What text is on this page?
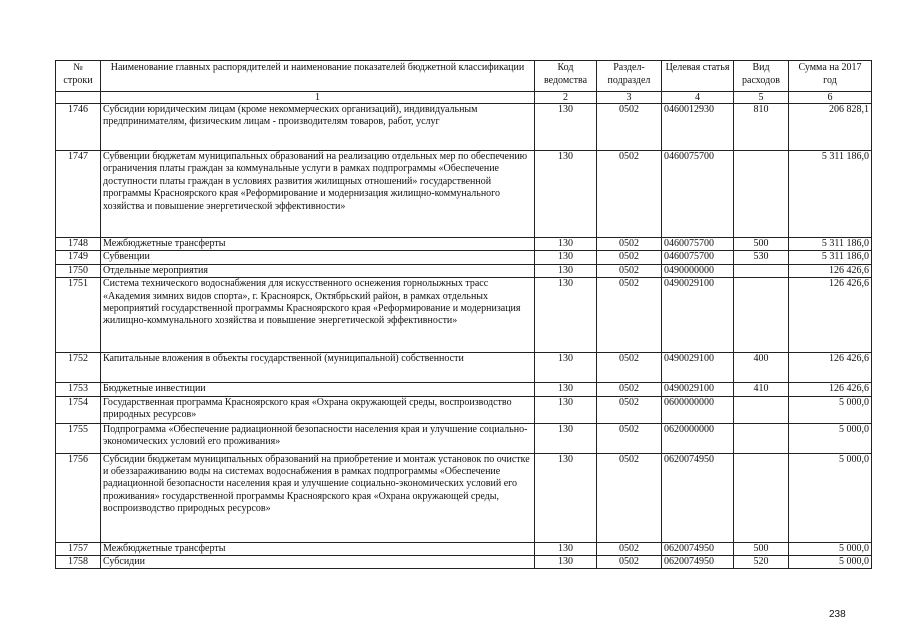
№ строки	Наименование главных распорядителей и наименование показателей бюджетной классификации	Код ведомства	Раздел- подраздел	Целевая статья	Вид расходов	Сумма на 2017 год
	1	2	3	4	5	6
1746	Субсидии юридическим лицам (кроме некоммерческих организаций), индивидуальным предпринимателям, физическим лицам - производителям товаров, работ, услуг	130	0502	0460012930	810	206 828,1
1747	Субвенции бюджетам муниципальных образований на реализацию отдельных мер по обеспечению ограничения платы граждан за коммунальные услуги в рамках подпрограммы «Обеспечение доступности платы граждан в условиях развития жилищных отношений» государственной программы Красноярского края «Реформирование и модернизация жилищно-коммунального хозяйства и повышение энергетической эффективности»	130	0502	0460075700		5 311 186,0
1748	Межбюджетные трансферты	130	0502	0460075700	500	5 311 186,0
1749	Субвенции	130	0502	0460075700	530	5 311 186,0
1750	Отдельные мероприятия	130	0502	0490000000		126 426,6
1751	Система технического водоснабжения для искусственного оснежения горнолыжных трасс «Академия зимних видов спорта», г. Красноярск, Октябрьский район, в рамках отдельных мероприятий государственной программы Красноярского края «Реформирование и модернизация жилищно-коммунального хозяйства и повышение энергетической эффективности»	130	0502	0490029100		126 426,6
1752	Капитальные вложения в объекты государственной (муниципальной) собственности	130	0502	0490029100	400	126 426,6
1753	Бюджетные инвестиции	130	0502	0490029100	410	126 426,6
1754	Государственная программа Красноярского края «Охрана окружающей среды, воспроизводство природных ресурсов»	130	0502	0600000000		5 000,0
1755	Подпрограмма «Обеспечение радиационной безопасности населения края и улучшение социально-экономических условий его проживания»	130	0502	0620000000		5 000,0
1756	Субсидии бюджетам муниципальных образований на приобретение и монтаж установок по очистке и обеззараживанию воды на системах водоснабжения в рамках подпрограммы «Обеспечение радиационной безопасности населения края и улучшение социально-экономических условий его проживания» государственной программы Красноярского края «Охрана окружающей среды, воспроизводство природных ресурсов»	130	0502	0620074950		5 000,0
1757	Межбюджетные трансферты	130	0502	0620074950	500	5 000,0
1758	Субсидии	130	0502	0620074950	520	5 000,0
238
